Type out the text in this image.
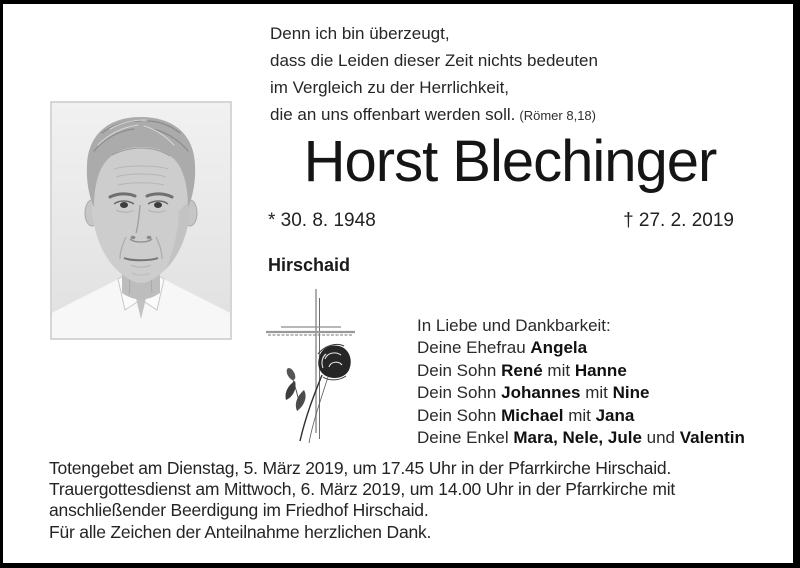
Denn ich bin überzeugt,
dass die Leiden dieser Zeit nichts bedeuten
im Vergleich zu der Herrlichkeit,
die an uns offenbart werden soll. (Römer 8,18)
Horst Blechinger
* 30. 8. 1948	† 27. 2. 2019
Hirschaid
In Liebe und Dankbarkeit:
Deine Ehefrau Angela
Dein Sohn René mit Hanne
Dein Sohn Johannes mit Nine
Dein Sohn Michael mit Jana
Deine Enkel Mara, Nele, Jule und Valentin
Totengebet am Dienstag, 5. März 2019, um 17.45 Uhr in der Pfarrkirche Hirschaid.
Trauergottesdienst am Mittwoch, 6. März 2019, um 14.00 Uhr in der Pfarrkirche mit
anschließender Beerdigung im Friedhof Hirschaid.
Für alle Zeichen der Anteilnahme herzlichen Dank.
